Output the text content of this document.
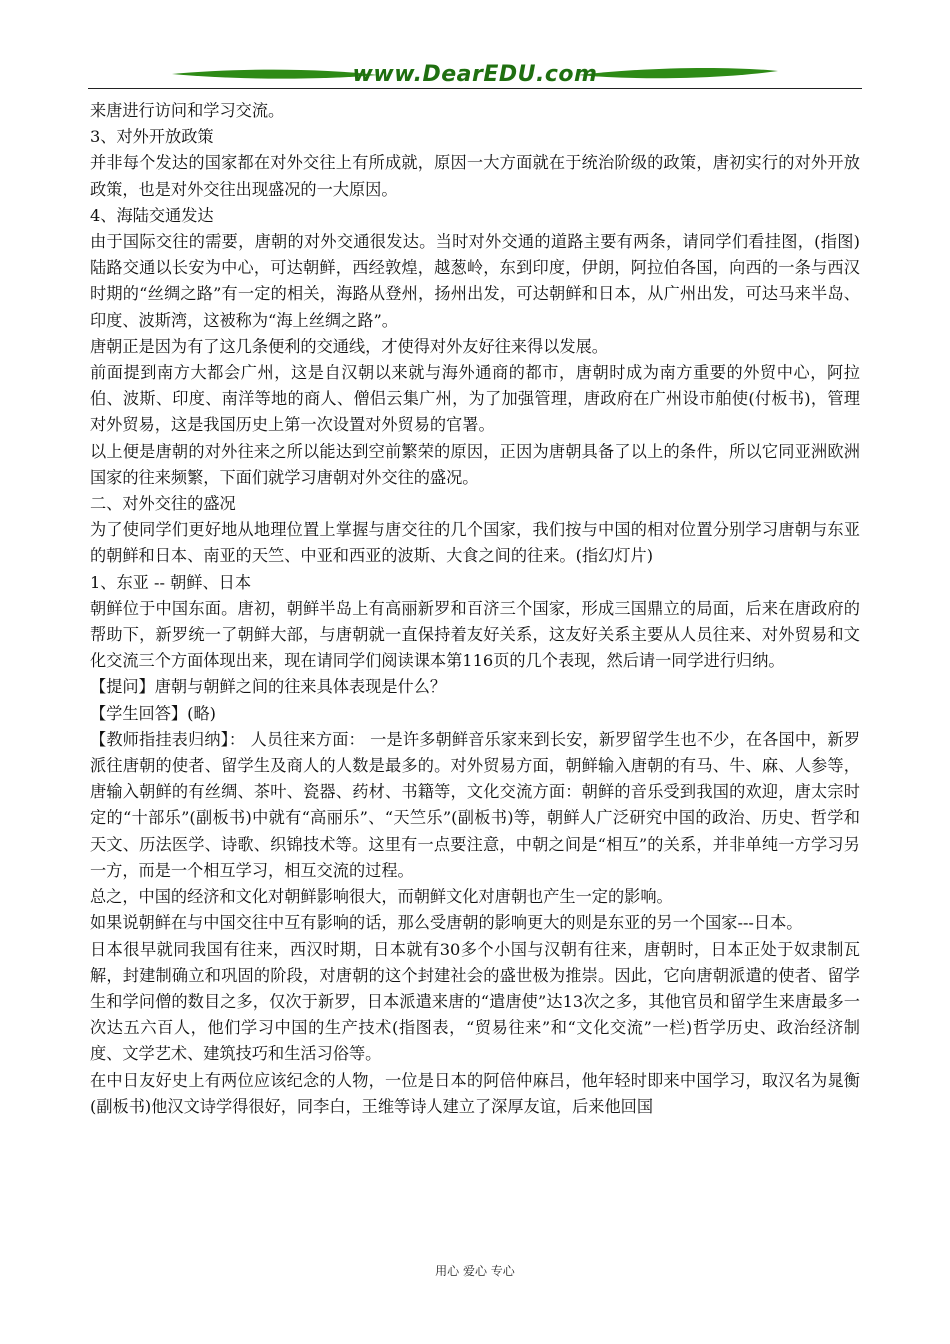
www.DearEDU.com

来唐进行访问和学习交流。

3、对外开放政策

并非每个发达的国家都在对外交往上有所成就，原因一大方面就在于统治阶级的政策，唐初实行的对外开放政策，也是对外交往出现盛况的一大原因。

4、海陆交通发达

由于国际交往的需要，唐朝的对外交通很发达。当时对外交通的道路主要有两条，请同学们看挂图，(指图)陆路交通以长安为中心，可达朝鲜，西经敦煌，越葱岭，东到印度，伊朗，阿拉伯各国，向西的一条与西汉时期的“丝绸之路”有一定的相关，海路从登州，扬州出发，可达朝鲜和日本，从广州出发，可达马来半岛、印度、波斯湾，这被称为“海上丝绸之路”。

唐朝正是因为有了这几条便利的交通线，才使得对外友好往来得以发展。

前面提到南方大都会广州，这是自汉朝以来就与海外通商的都市，唐朝时成为南方重要的外贸中心，阿拉伯、波斯、印度、南洋等地的商人、僧侣云集广州，为了加强管理，唐政府在广州设市舶使(付板书)，管理对外贸易，这是我国历史上第一次设置对外贸易的官署。

以上便是唐朝的对外往来之所以能达到空前繁荣的原因，正因为唐朝具备了以上的条件，所以它同亚洲欧洲国家的往来频繁，下面们就学习唐朝对外交往的盛况。

二、对外交往的盛况

为了使同学们更好地从地理位置上掌握与唐交往的几个国家，我们按与中国的相对位置分别学习唐朝与东亚的朝鲜和日本、南亚的天竺、中亚和西亚的波斯、大食之间的往来。(指幻灯片)

1、东亚 -- 朝鲜、日本

朝鲜位于中国东面。唐初，朝鲜半岛上有高丽新罗和百济三个国家，形成三国鼎立的局面，后来在唐政府的帮助下，新罗统一了朝鲜大部，与唐朝就一直保持着友好关系，这友好关系主要从人员往来、对外贸易和文化交流三个方面体现出来，现在请同学们阅读课本第116页的几个表现，然后请一同学进行归纳。

【提问】唐朝与朝鲜之间的往来具体表现是什么？

【学生回答】(略)

【教师指挂表归纳】： 人员往来方面： 一是许多朝鲜音乐家来到长安，新罗留学生也不少，在各国中，新罗派往唐朝的使者、留学生及商人的人数是最多的。对外贸易方面，朝鲜输入唐朝的有马、牛、麻、人参等，唐输入朝鲜的有丝绸、茶叶、瓷器、药材、书籍等，文化交流方面：朝鲜的音乐受到我国的欢迎，唐太宗时定的“十部乐”(副板书)中就有“高丽乐”、“天竺乐”(副板书)等，朝鲜人广泛研究中国的政治、历史、哲学和天文、历法医学、诗歌、织锦技术等。这里有一点要注意，中朝之间是“相互”的关系，并非单纯一方学习另一方，而是一个相互学习，相互交流的过程。

总之，中国的经济和文化对朝鲜影响很大，而朝鲜文化对唐朝也产生一定的影响。

如果说朝鲜在与中国交往中互有影响的话，那么受唐朝的影响更大的则是东亚的另一个国家---日本。

日本很早就同我国有往来，西汉时期，日本就有30多个小国与汉朝有往来，唐朝时，日本正处于奴隶制瓦解，封建制确立和巩固的阶段，对唐朝的这个封建社会的盛世极为推崇。因此，它向唐朝派遣的使者、留学生和学问僧的数目之多，仅次于新罗，日本派遣来唐的“遣唐使”达13次之多，其他官员和留学生来唐最多一次达五六百人，他们学习中国的生产技术(指图表，“贸易往来”和“文化交流”一栏)哲学历史、政治经济制度、文学艺术、建筑技巧和生活习俗等。

在中日友好史上有两位应该纪念的人物，一位是日本的阿倍仲麻吕，他年轻时即来中国学习，取汉名为晁衡(副板书)他汉文诗学得很好，同李白，王维等诗人建立了深厚友谊，后来他回国

用心 爱心 专心
